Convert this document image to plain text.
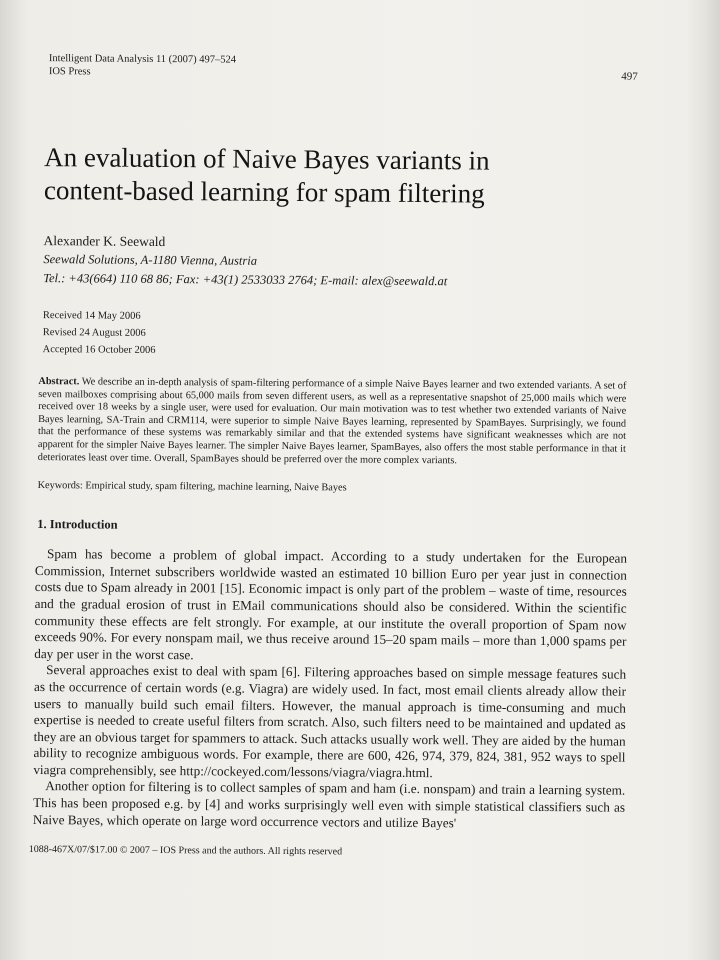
Intelligent Data Analysis 11 (2007) 497–524
IOS Press	497
An evaluation of Naive Bayes variants in
content-based learning for spam filtering
Alexander K. Seewald
Seewald Solutions, A-1180 Vienna, Austria
Tel.: +43(664) 110 68 86; Fax: +43(1) 2533033 2764; E-mail: alex@seewald.at
Received 14 May 2006
Revised 24 August 2006
Accepted 16 October 2006
Abstract. We describe an in-depth analysis of spam-filtering performance of a simple Naive Bayes learner and two extended variants. A set of seven mailboxes comprising about 65,000 mails from seven different users, as well as a representative snapshot of 25,000 mails which were received over 18 weeks by a single user, were used for evaluation. Our main motivation was to test whether two extended variants of Naive Bayes learning, SA-Train and CRM114, were superior to simple Naive Bayes learning, represented by SpamBayes. Surprisingly, we found that the performance of these systems was remarkably similar and that the extended systems have significant weaknesses which are not apparent for the simpler Naive Bayes learner. The simpler Naive Bayes learner, SpamBayes, also offers the most stable performance in that it deteriorates least over time. Overall, SpamBayes should be preferred over the more complex variants.
Keywords: Empirical study, spam filtering, machine learning, Naive Bayes
1. Introduction

Spam has become a problem of global impact. According to a study undertaken for the European Commission, Internet subscribers worldwide wasted an estimated 10 billion Euro per year just in connection costs due to Spam already in 2001 [15]. Economic impact is only part of the problem – waste of time, resources and the gradual erosion of trust in EMail communications should also be considered. Within the scientific community these effects are felt strongly. For example, at our institute the overall proportion of Spam now exceeds 90%. For every nonspam mail, we thus receive around 15–20 spam mails – more than 1,000 spams per day per user in the worst case.

Several approaches exist to deal with spam [6]. Filtering approaches based on simple message features such as the occurrence of certain words (e.g. Viagra) are widely used. In fact, most email clients already allow their users to manually build such email filters. However, the manual approach is time-consuming and much expertise is needed to create useful filters from scratch. Also, such filters need to be maintained and updated as they are an obvious target for spammers to attack. Such attacks usually work well. They are aided by the human ability to recognize ambiguous words. For example, there are 600, 426, 974, 379, 824, 381, 952 ways to spell viagra comprehensibly, see http://cockeyed.com/lessons/viagra/viagra.html.

Another option for filtering is to collect samples of spam and ham (i.e. nonspam) and train a learning system. This has been proposed e.g. by [4] and works surprisingly well even with simple statistical classifiers such as Naive Bayes, which operate on large word occurrence vectors and utilize Bayes'

1088-467X/07/$17.00 © 2007 – IOS Press and the authors. All rights reserved
